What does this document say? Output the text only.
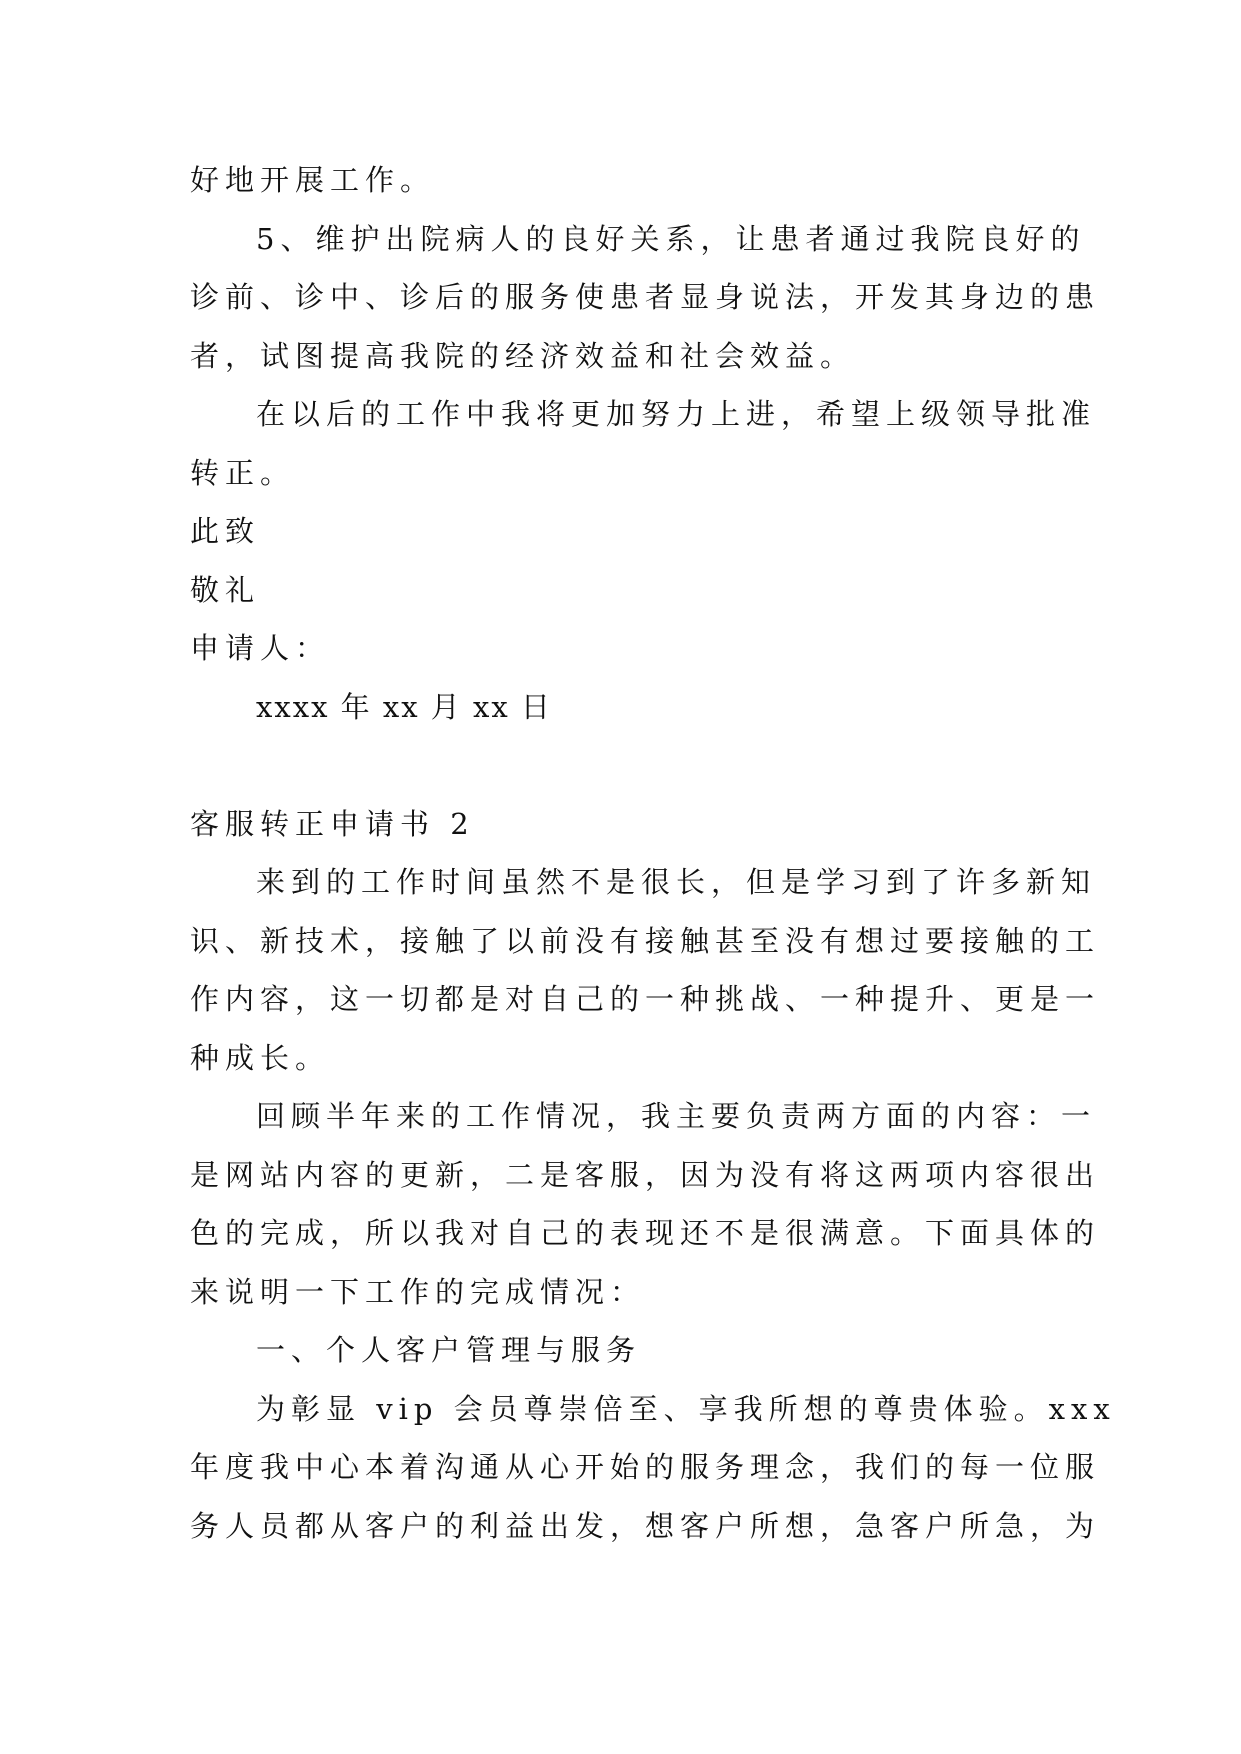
好地开展工作。
5、维护出院病人的良好关系，让患者通过我院良好的
诊前、诊中、诊后的服务使患者显身说法，开发其身边的患
者，试图提高我院的经济效益和社会效益。
在以后的工作中我将更加努力上进，希望上级领导批准
转正。
此致
敬礼
申请人：
xxxx 年 xx 月 xx 日
客服转正申请书 2
来到的工作时间虽然不是很长，但是学习到了许多新知
识、新技术，接触了以前没有接触甚至没有想过要接触的工
作内容，这一切都是对自己的一种挑战、一种提升、更是一
种成长。
回顾半年来的工作情况，我主要负责两方面的内容：一
是网站内容的更新，二是客服，因为没有将这两项内容很出
色的完成，所以我对自己的表现还不是很满意。下面具体的
来说明一下工作的完成情况：
一、个人客户管理与服务
为彰显 vip 会员尊崇倍至、享我所想的尊贵体验。xxx
年度我中心本着沟通从心开始的服务理念，我们的每一位服
务人员都从客户的利益出发，想客户所想，急客户所急，为
